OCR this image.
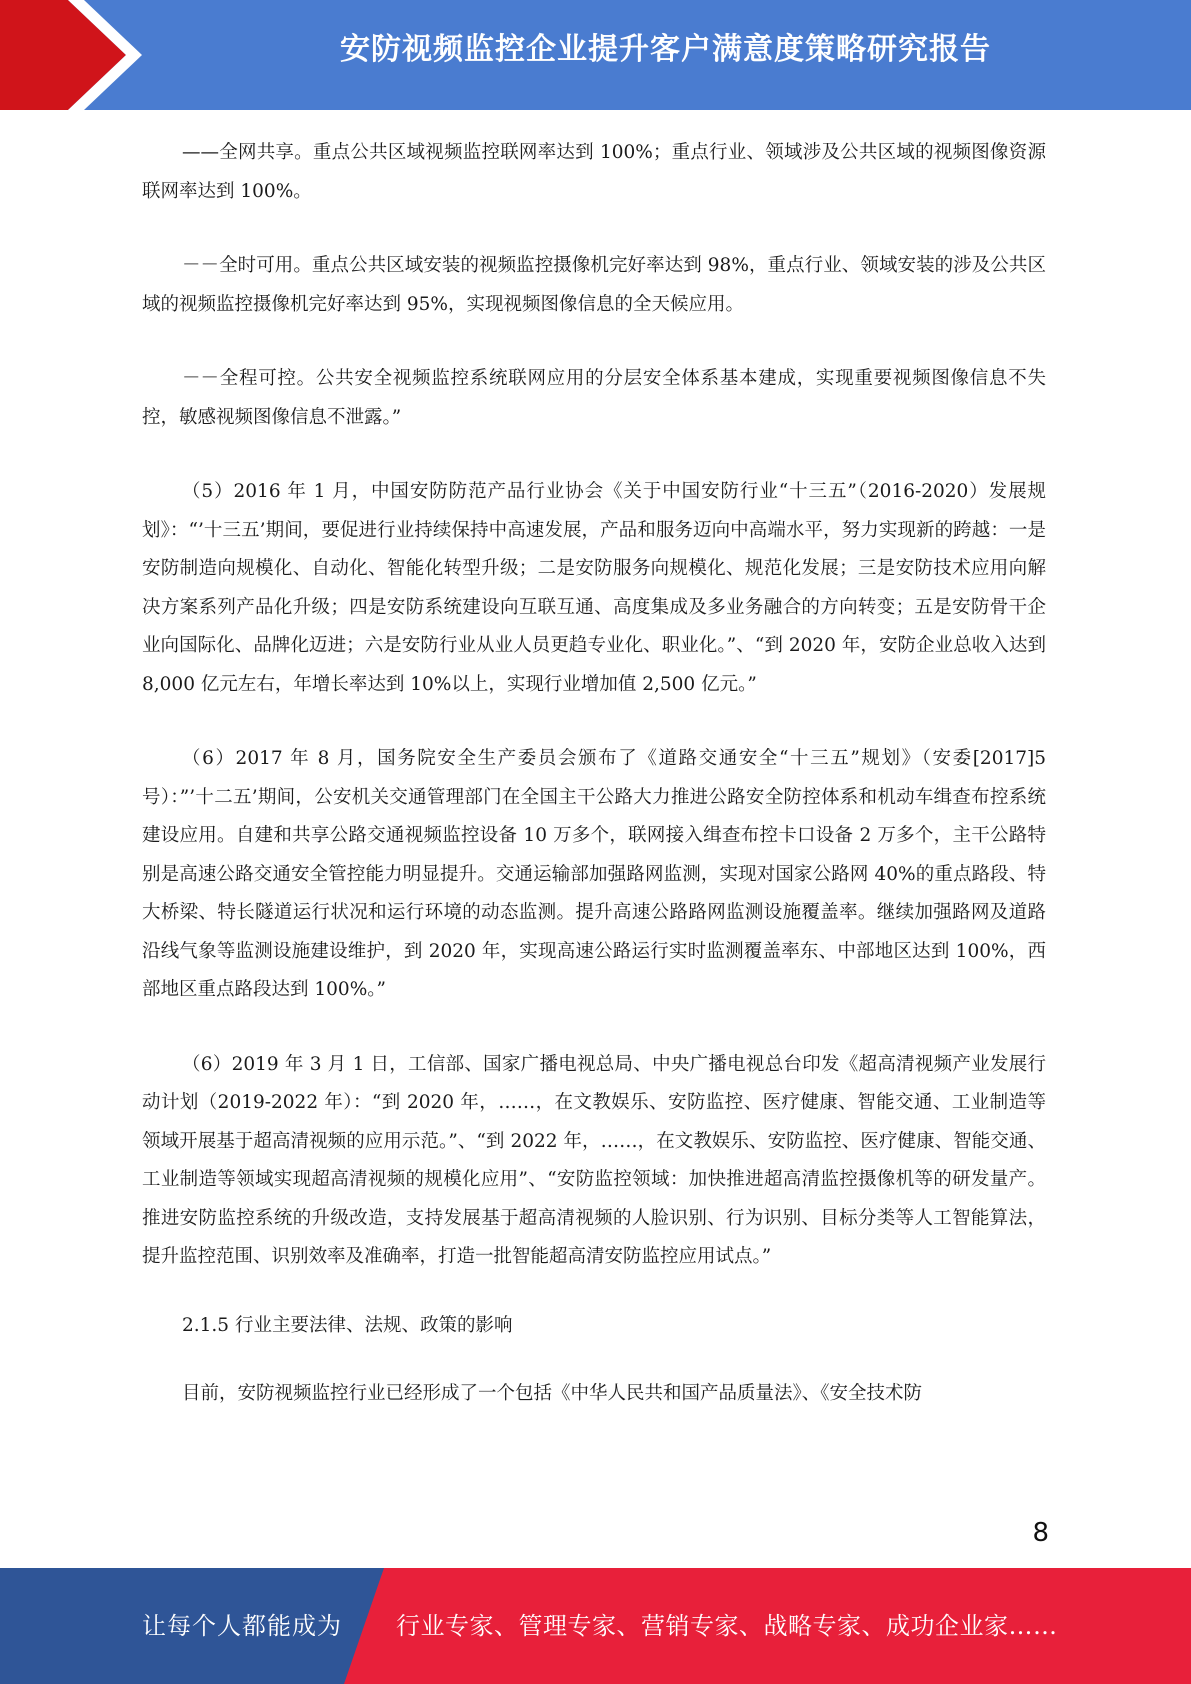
安防视频监控企业提升客户满意度策略研究报告

——全网共享。重点公共区域视频监控联网率达到 100%；重点行业、领域涉及公共区域的视频图像资源联网率达到 100%。

－－全时可用。重点公共区域安装的视频监控摄像机完好率达到 98%，重点行业、领域安装的涉及公共区域的视频监控摄像机完好率达到 95%，实现视频图像信息的全天候应用。

－－全程可控。公共安全视频监控系统联网应用的分层安全体系基本建成，实现重要视频图像信息不失控，敏感视频图像信息不泄露。”

（5）2016 年 1 月，中国安防防范产品行业协会《关于中国安防行业“十三五”（2016-2020）发展规划》：“’十三五’期间，要促进行业持续保持中高速发展，产品和服务迈向中高端水平，努力实现新的跨越：一是安防制造向规模化、自动化、智能化转型升级；二是安防服务向规模化、规范化发展；三是安防技术应用向解决方案系列产品化升级；四是安防系统建设向互联互通、高度集成及多业务融合的方向转变；五是安防骨干企业向国际化、品牌化迈进；六是安防行业从业人员更趋专业化、职业化。”、“到 2020 年，安防企业总收入达到 8,000 亿元左右，年增长率达到 10%以上，实现行业增加值 2,500 亿元。”

（6）2017 年 8 月，国务院安全生产委员会颁布了《道路交通安全“十三五”规划》（安委[2017]5 号）：”’十二五’期间，公安机关交通管理部门在全国主干公路大力推进公路安全防控体系和机动车缉查布控系统建设应用。自建和共享公路交通视频监控设备 10 万多个，联网接入缉查布控卡口设备 2 万多个，主干公路特别是高速公路交通安全管控能力明显提升。交通运输部加强路网监测，实现对国家公路网 40%的重点路段、特大桥梁、特长隧道运行状况和运行环境的动态监测。提升高速公路路网监测设施覆盖率。继续加强路网及道路沿线气象等监测设施建设维护，到 2020 年，实现高速公路运行实时监测覆盖率东、中部地区达到 100%，西部地区重点路段达到 100%。”

（6）2019 年 3 月 1 日，工信部、国家广播电视总局、中央广播电视总台印发《超高清视频产业发展行动计划（2019-2022 年）：“到 2020 年，……，在文教娱乐、安防监控、医疗健康、智能交通、工业制造等领域开展基于超高清视频的应用示范。”、“到 2022 年，……，在文教娱乐、安防监控、医疗健康、智能交通、工业制造等领域实现超高清视频的规模化应用”、“安防监控领域：加快推进超高清监控摄像机等的研发量产。推进安防监控系统的升级改造，支持发展基于超高清视频的人脸识别、行为识别、目标分类等人工智能算法，提升监控范围、识别效率及准确率，打造一批智能超高清安防监控应用试点。”

2.1.5 行业主要法律、法规、政策的影响

目前，安防视频监控行业已经形成了一个包括《中华人民共和国产品质量法》、《安全技术防

8
让每个人都能成为 行业专家、管理专家、营销专家、战略专家、成功企业家……
